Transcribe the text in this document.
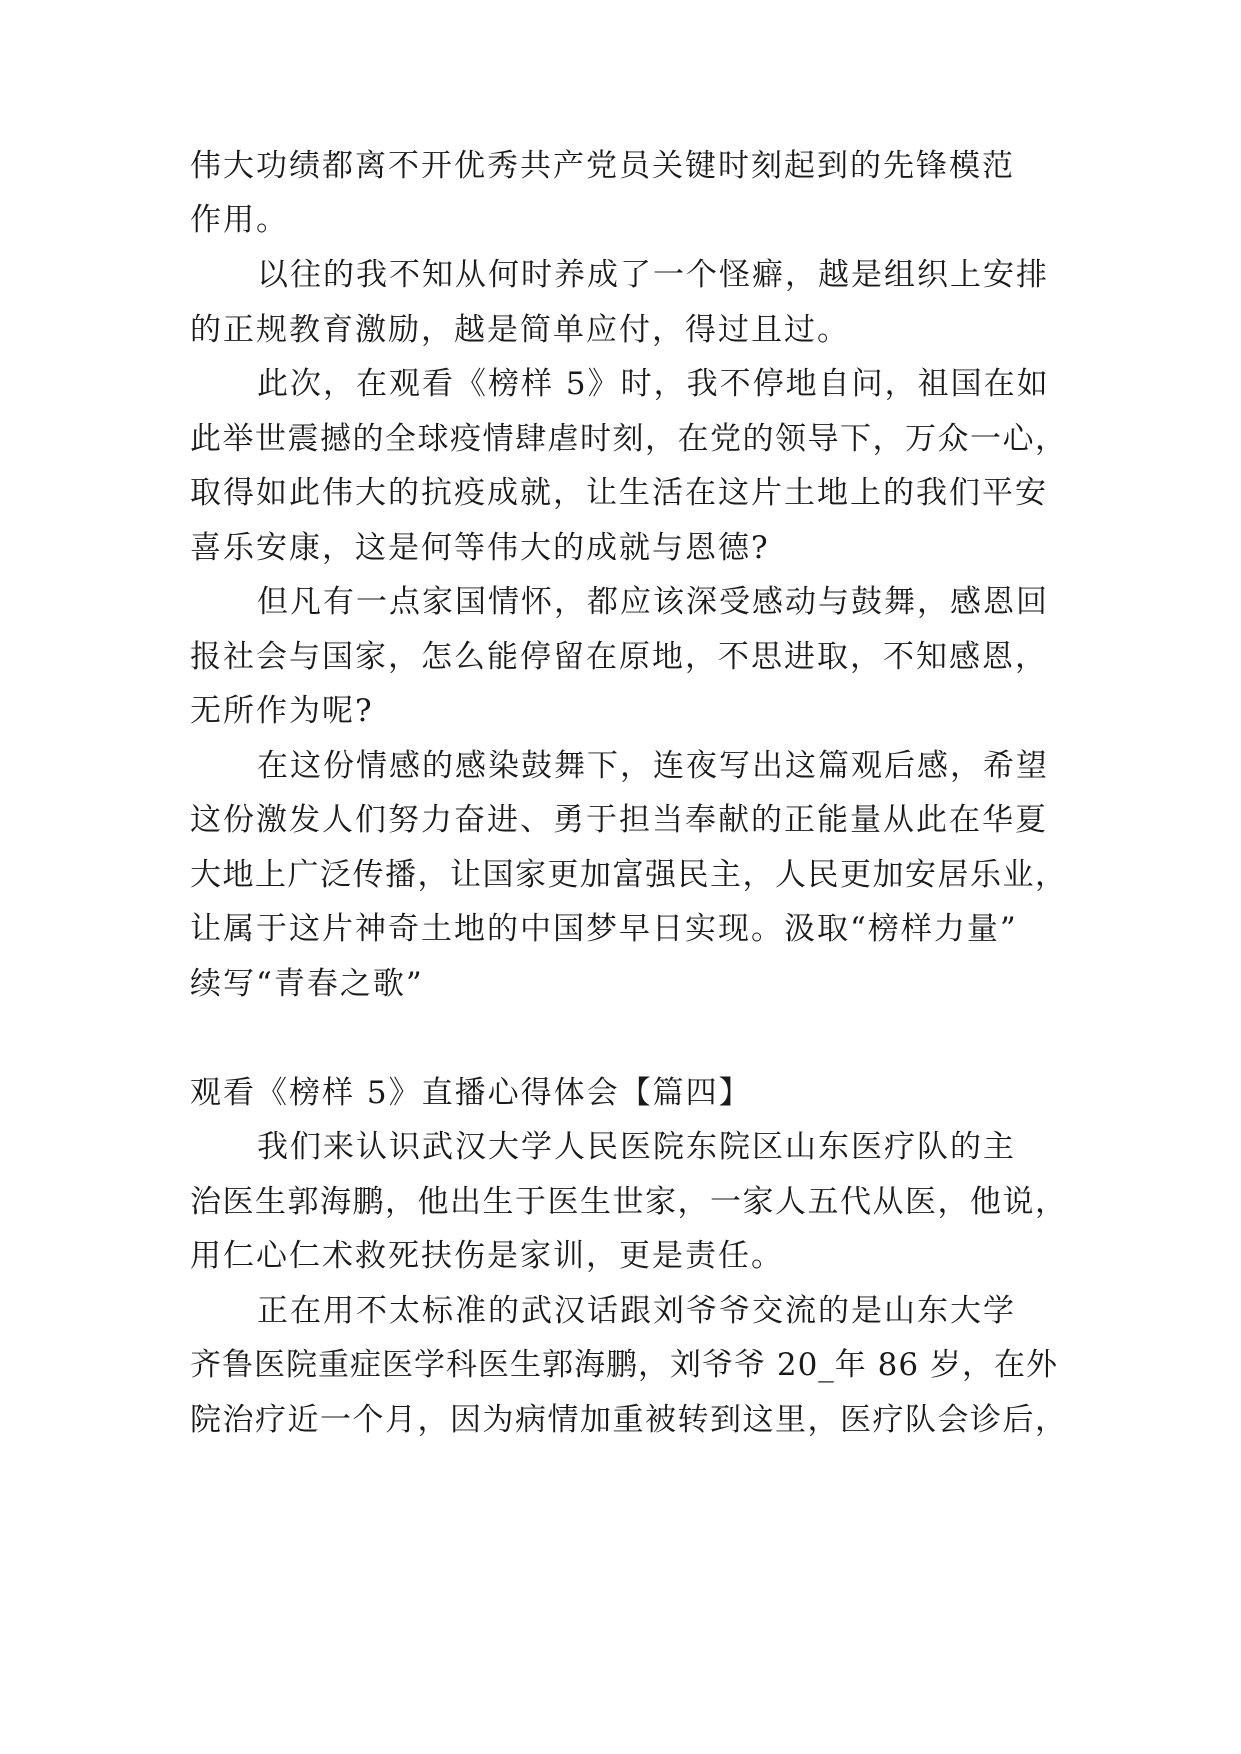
伟大功绩都离不开优秀共产党员关键时刻起到的先锋模范
作用。
以往的我不知从何时养成了一个怪癖，越是组织上安排
的正规教育激励，越是简单应付，得过且过。
此次，在观看《榜样 5》时，我不停地自问，祖国在如
此举世震撼的全球疫情肆虐时刻，在党的领导下，万众一心，
取得如此伟大的抗疫成就，让生活在这片土地上的我们平安
喜乐安康，这是何等伟大的成就与恩德?
但凡有一点家国情怀，都应该深受感动与鼓舞，感恩回
报社会与国家，怎么能停留在原地，不思进取，不知感恩，
无所作为呢?
在这份情感的感染鼓舞下，连夜写出这篇观后感，希望
这份激发人们努力奋进、勇于担当奉献的正能量从此在华夏
大地上广泛传播，让国家更加富强民主，人民更加安居乐业，
让属于这片神奇土地的中国梦早日实现。汲取“榜样力量”
续写“青春之歌”
观看《榜样 5》直播心得体会【篇四】
我们来认识武汉大学人民医院东院区山东医疗队的主
治医生郭海鹏，他出生于医生世家，一家人五代从医，他说，
用仁心仁术救死扶伤是家训，更是责任。
正在用不太标准的武汉话跟刘爷爷交流的是山东大学
齐鲁医院重症医学科医生郭海鹏，刘爷爷 20_年 86 岁，在外
院治疗近一个月，因为病情加重被转到这里，医疗队会诊后，
